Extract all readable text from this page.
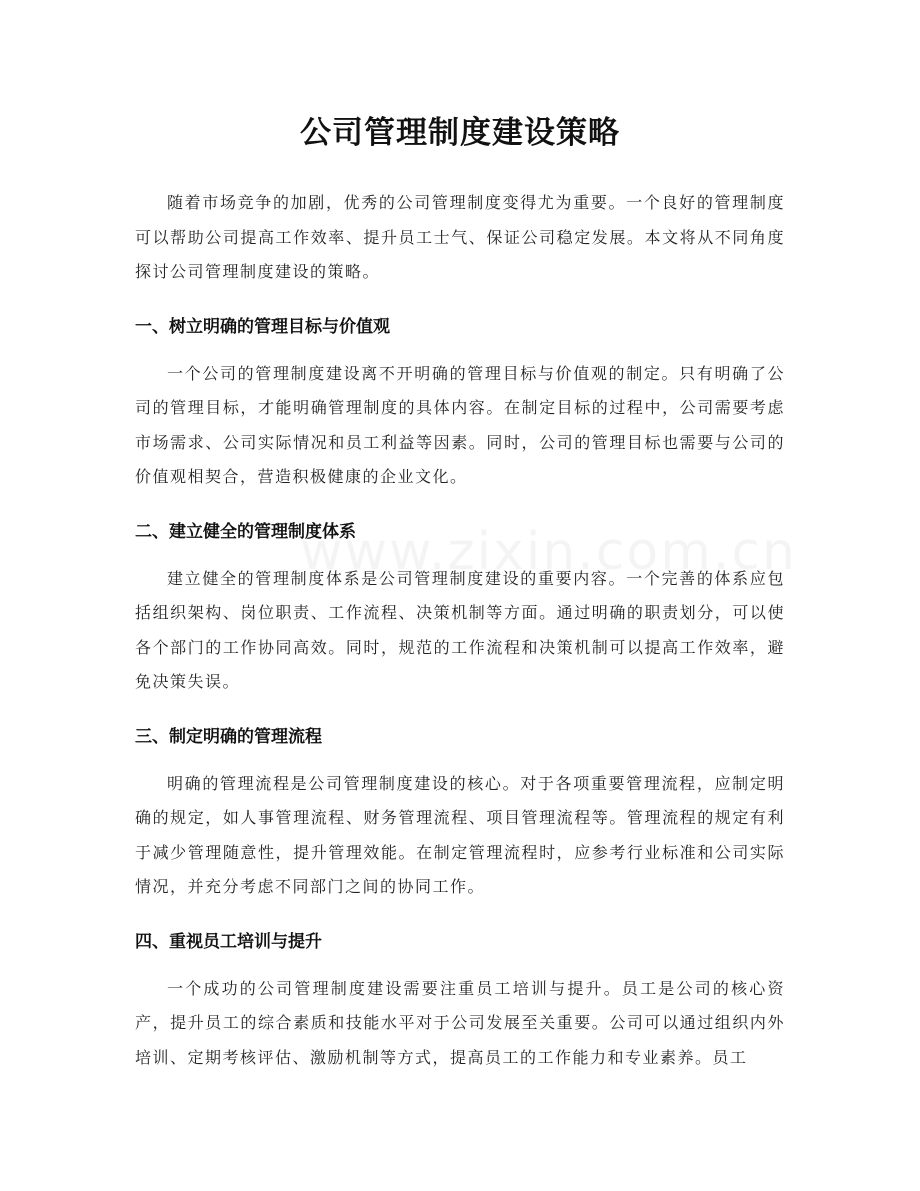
公司管理制度建设策略

随着市场竞争的加剧，优秀的公司管理制度变得尤为重要。一个良好的管理制度可以帮助公司提高工作效率、提升员工士气、保证公司稳定发展。本文将从不同角度探讨公司管理制度建设的策略。

一、树立明确的管理目标与价值观

一个公司的管理制度建设离不开明确的管理目标与价值观的制定。只有明确了公司的管理目标，才能明确管理制度的具体内容。在制定目标的过程中，公司需要考虑市场需求、公司实际情况和员工利益等因素。同时，公司的管理目标也需要与公司的价值观相契合，营造积极健康的企业文化。

二、建立健全的管理制度体系

建立健全的管理制度体系是公司管理制度建设的重要内容。一个完善的体系应包括组织架构、岗位职责、工作流程、决策机制等方面。通过明确的职责划分，可以使各个部门的工作协同高效。同时，规范的工作流程和决策机制可以提高工作效率，避免决策失误。

三、制定明确的管理流程

明确的管理流程是公司管理制度建设的核心。对于各项重要管理流程，应制定明确的规定，如人事管理流程、财务管理流程、项目管理流程等。管理流程的规定有利于减少管理随意性，提升管理效能。在制定管理流程时，应参考行业标准和公司实际情况，并充分考虑不同部门之间的协同工作。

四、重视员工培训与提升

一个成功的公司管理制度建设需要注重员工培训与提升。员工是公司的核心资产，提升员工的综合素质和技能水平对于公司发展至关重要。公司可以通过组织内外培训、定期考核评估、激励机制等方式，提高员工的工作能力和专业素养。员工
